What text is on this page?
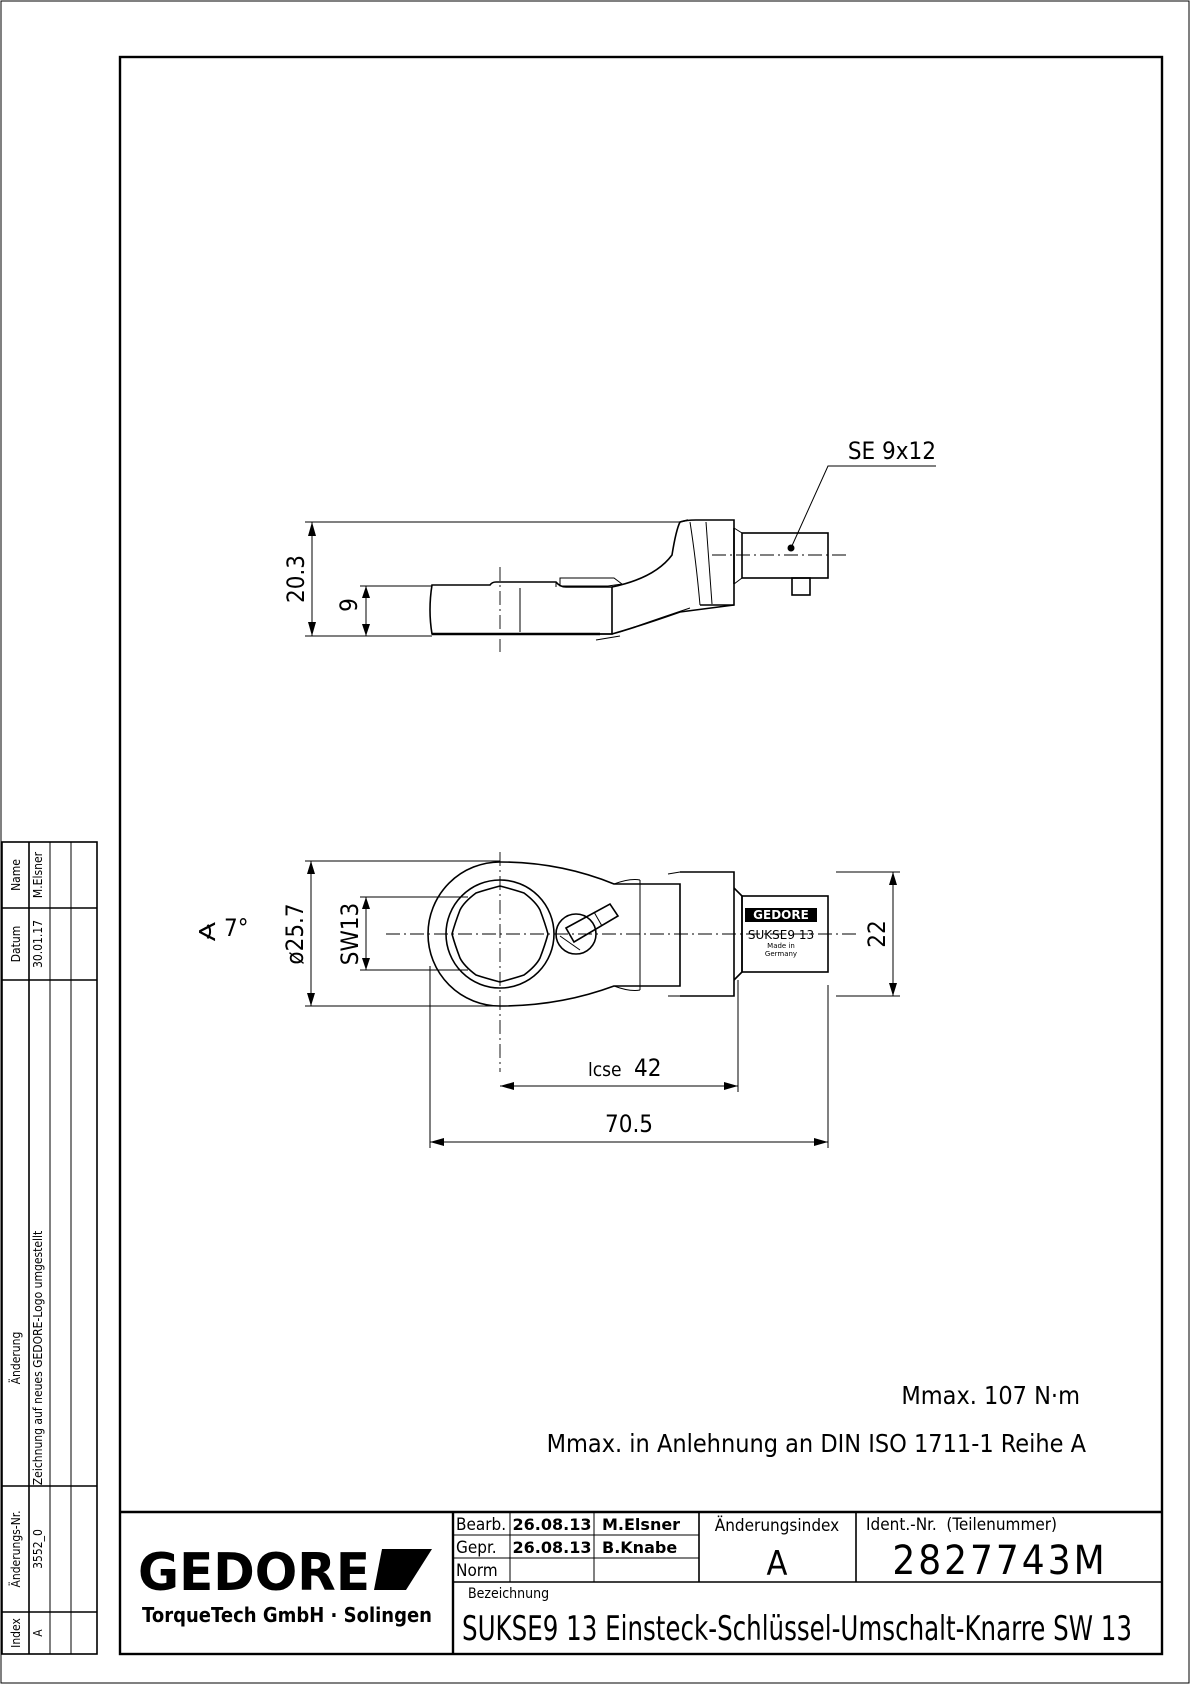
Name
Datum
Änderung
Änderungs-Nr.
Index
M.Elsner
30.01.17
Zeichnung auf neues GEDORE-Logo umgestellt
3552_0
A
SE 9x12
20.3
9
GEDORE
SUKSE9 13
Made in
Germany
∢ 7° ø25.7 SW13	22
lcse 42
70.5
Mmax. 107 N·m
Mmax. in Anlehnung an DIN ISO 1711-1 Reihe A
GEDORE
TorqueTech GmbH · Solingen
Bearb. 26.08.13 M.Elsner
Gepr. 26.08.13 B.Knabe
Norm
Änderungsindex
A
Ident.-Nr.  (Teilenummer)
2827743M
Bezeichnung
SUKSE9 13 Einsteck-Schlüssel-Umschalt-Knarre SW 13
